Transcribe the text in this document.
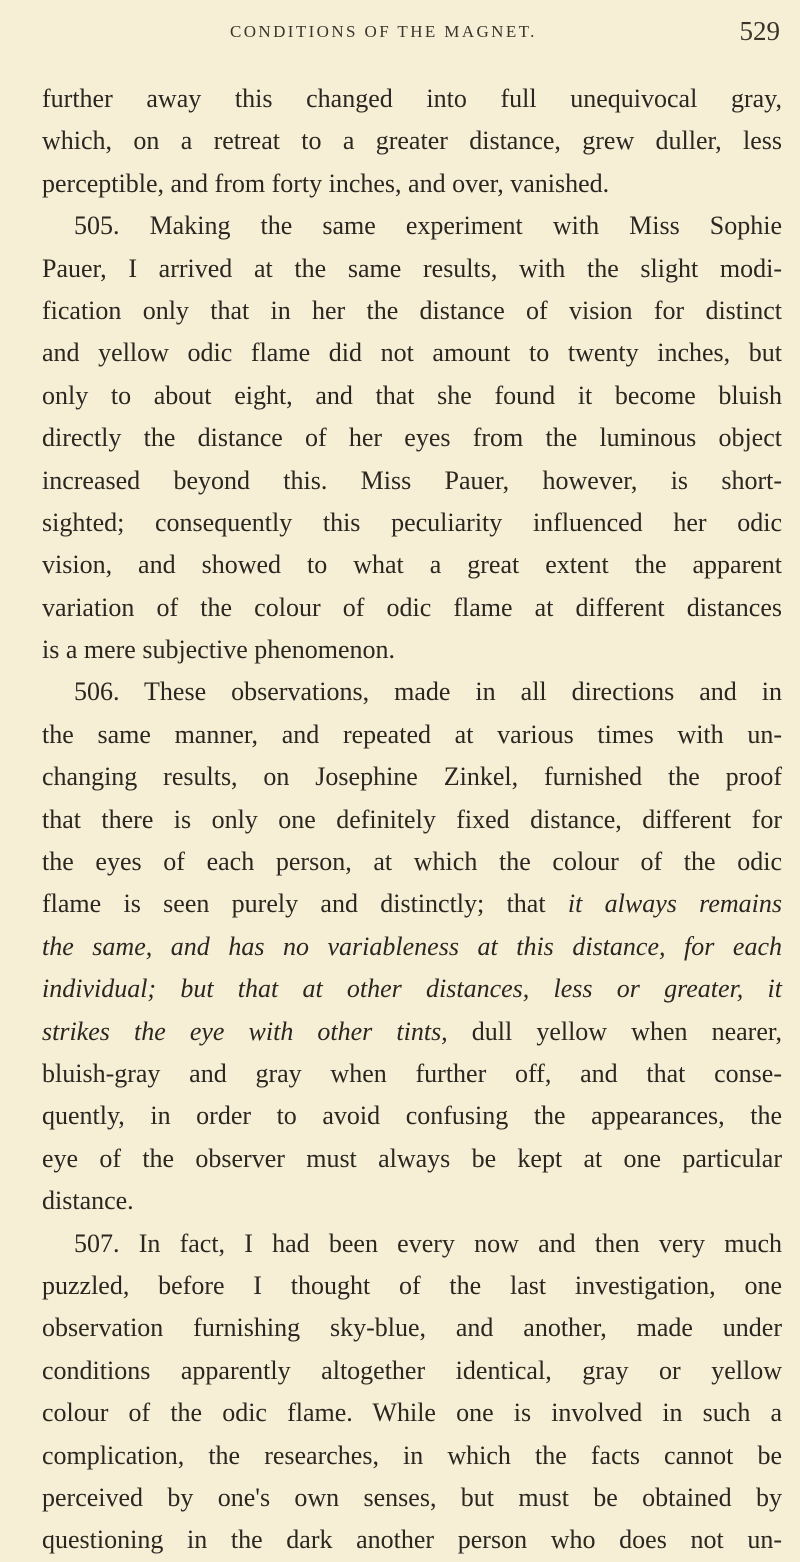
CONDITIONS OF THE MAGNET.	529
further away this changed into full unequivocal gray,
which, on a retreat to a greater distance, grew duller, less
perceptible, and from forty inches, and over, vanished.
505. Making the same experiment with Miss Sophie
Pauer, I arrived at the same results, with the slight modi-
fication only that in her the distance of vision for distinct
and yellow odic flame did not amount to twenty inches, but
only to about eight, and that she found it become bluish
directly the distance of her eyes from the luminous object
increased beyond this. Miss Pauer, however, is short-
sighted; consequently this peculiarity influenced her odic
vision, and showed to what a great extent the apparent
variation of the colour of odic flame at different distances
is a mere subjective phenomenon.
506. These observations, made in all directions and in
the same manner, and repeated at various times with un-
changing results, on Josephine Zinkel, furnished the proof
that there is only one definitely fixed distance, different for
the eyes of each person, at which the colour of the odic
flame is seen purely and distinctly; that it always remains
the same, and has no variableness at this distance, for each
individual; but that at other distances, less or greater, it
strikes the eye with other tints, dull yellow when nearer,
bluish-gray and gray when further off, and that conse-
quently, in order to avoid confusing the appearances, the
eye of the observer must always be kept at one particular
distance.
507. In fact, I had been every now and then very much
puzzled, before I thought of the last investigation, one
observation furnishing sky-blue, and another, made under
conditions apparently altogether identical, gray or yellow
colour of the odic flame. While one is involved in such a
complication, the researches, in which the facts cannot be
perceived by one's own senses, but must be obtained by
questioning in the dark another person who does not un-
